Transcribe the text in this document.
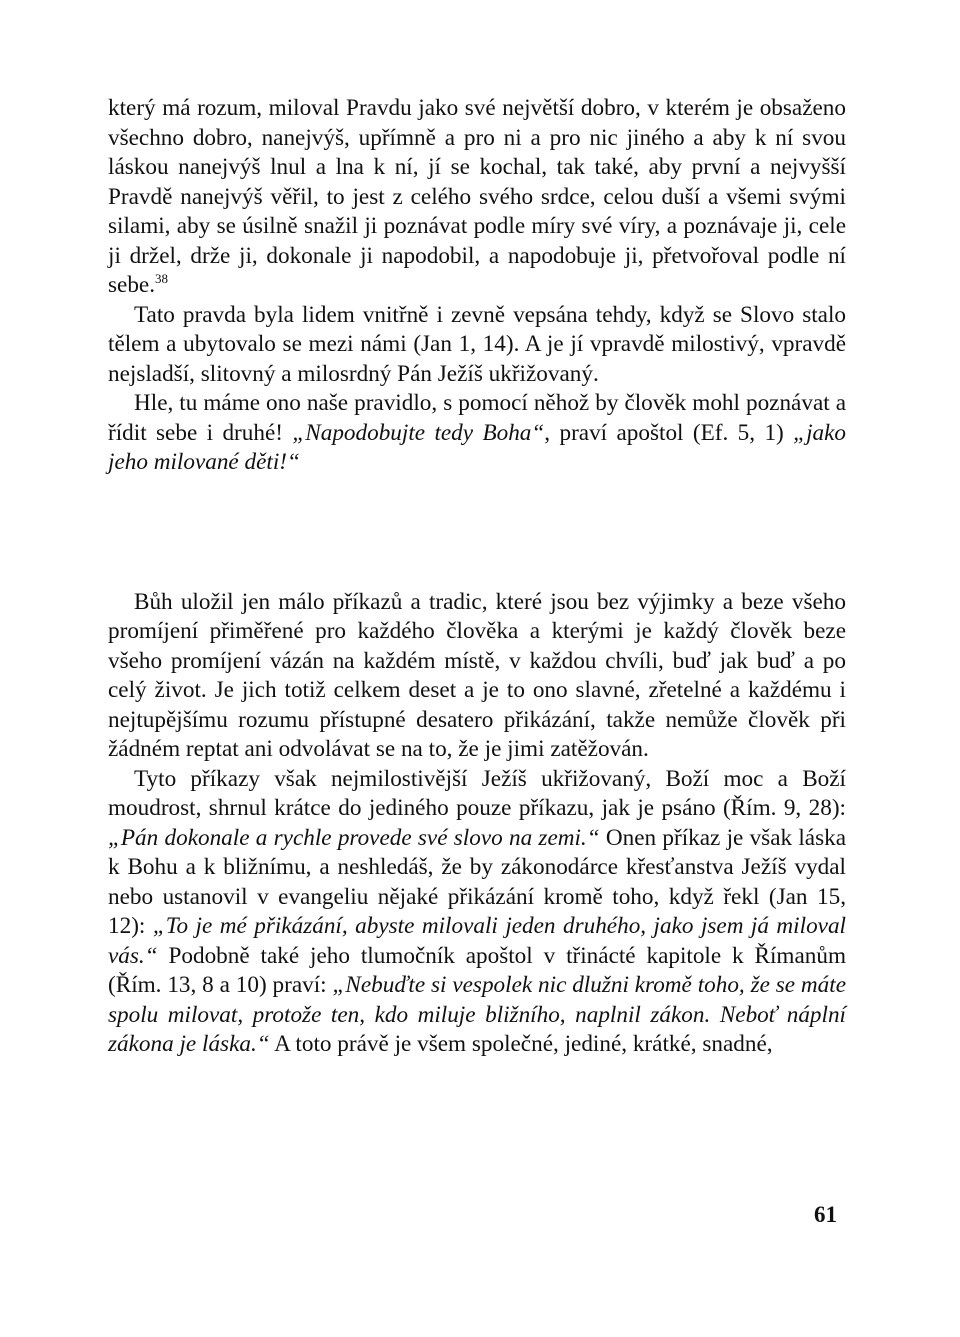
který má rozum, miloval Pravdu jako své největší dobro, v kterém je obsaženo všechno dobro, nanejvýš, upřímně a pro ni a pro nic jiného a aby k ní svou láskou nanejvýš lnul a lna k ní, jí se kochal, tak také, aby první a nejvyšší Pravdě nanejvýš věřil, to jest z celého svého srdce, celou duší a všemi svými silami, aby se úsilně snažil ji poznávat podle míry své víry, a poznávaje ji, cele ji držel, drže ji, dokonale ji napodobil, a napodobuje ji, přetvořoval podle ní sebe.$^{38}$

Tato pravda byla lidem vnitřně i zevně vepsána tehdy, když se Slovo stalo tělem a ubytovalo se mezi námi (Jan 1, 14). A je jí vpravdě milostivý, vpravdě nejsladší, slitovný a milosrdný Pán Ježíš ukřižovaný.

Hle, tu máme ono naše pravidlo, s pomocí něhož by člověk mohl poznávat a řídit sebe i druhé! „Napodobujte tedy Boha“, praví apoštol (Ef. 5, 1) „jako jeho milované děti!“

Bůh uložil jen málo příkazů a tradic, které jsou bez výjimky a beze všeho promíjení přiměřené pro každého člověka a kterými je každý člověk beze všeho promíjení vázán na každém místě, v každou chvíli, buď jak buď a po celý život. Je jich totiž celkem deset a je to ono slavné, zřetelné a každému i nejtupějšímu rozumu přístupné desatero přikázání, takže nemůže člověk při žádném reptat ani odvolávat se na to, že je jimi zatěžován.

Tyto příkazy však nejmilostivější Ježíš ukřižovaný, Boží moc a Boží moudrost, shrnul krátce do jediného pouze příkazu, jak je psáno (Řím. 9, 28): „Pán dokonale a rychle provede své slovo na zemi.“ Onen příkaz je však láska k Bohu a k bližnímu, a neshledáš, že by zákonodárce křesťanstva Ježíš vydal nebo ustanovil v evangeliu nějaké přikázání kromě toho, když řekl (Jan 15, 12): „To je mé přikázání, abyste milovali jeden druhého, jako jsem já miloval vás.“ Podobně také jeho tlumočník apoštol v třinácté kapitole k Římanům (Řím. 13, 8 a 10) praví: „Nebuďte si vespolek nic dlužni kromě toho, že se máte spolu milovat, protože ten, kdo miluje bližního, naplnil zákon. Neboť náplní zákona je láska.“ A toto právě je všem společné, jediné, krátké, snadné,

61
